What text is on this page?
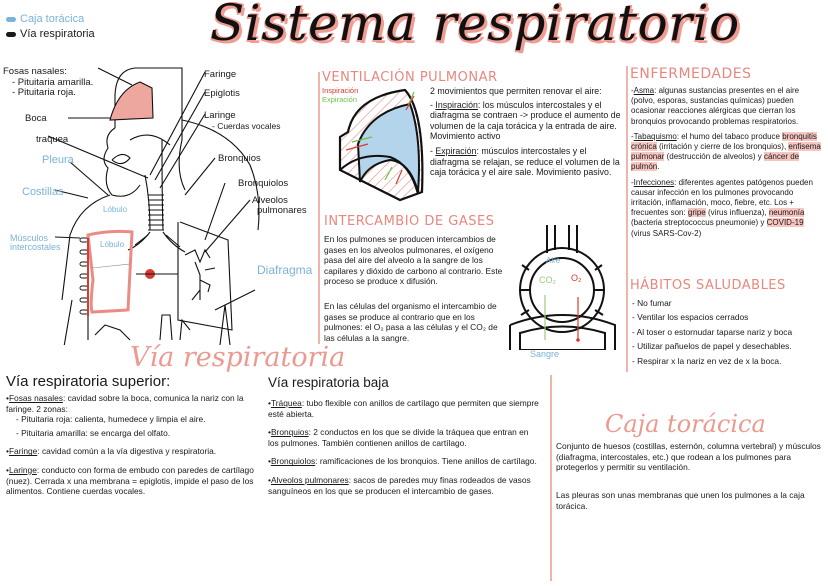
Sistema respiratorio
Caja torácica
Vía respiratoria
Fosas nasales:
- Pituitaria amarilla.
- Pituitaria roja.
Boca
traquea
Pleura
Costillas
Músculos
intercostales
Lóbulo
Lóbulo
Faringe
Epiglotis
Laringe
- Cuerdas vocales
Bronquios
Bronquiolos
Alveolos
pulmonares
Diafragma
VENTILACIÓN PULMONAR
Inspiración
Expiración
2 movimientos que permiten renovar el aire:
- Inspiración: los músculos intercostales y el diafragma se contraen -> produce el aumento de volumen de la caja torácica y la entrada de aire. Movimiento activo
- Expiración: músculos intercostales y el diafragma se relajan, se reduce el volumen de la caja torácica y el aire sale. Movimiento pasivo.
INTERCAMBIO DE GASES
En los pulmones se producen intercambios de gases en los alveolos pulmonares, el oxígeno pasa del aire del alveolo a la sangre de los capilares y dióxido de carbono al contrario. Este proceso se produce x difusión.
En las células del organismo el intercambio de gases se produce al contrario que en los pulmones: el O₂ pasa a las células y el CO₂ de las células a la sangre.
Aire
CO₂ O₂
Sangre
ENFERMEDADES
-Asma: algunas sustancias presentes en el aire (polvo, esporas, sustancias químicas) pueden ocasionar reacciones alérgicas que cierran los bronquios provocando problemas respiratorios.
-Tabaquismo: el humo del tabaco produce bronquitis crónica (irritación y cierre de los bronquios), enfisema pulmonar (destrucción de alveolos) y cáncer de pulmón.
-Infecciones: diferentes agentes patógenos pueden causar infección en los pulmones provocando irritación, inflamación, moco, fiebre, etc. Los + frecuentes son: gripe (virus influenza), neumonía (bacteria streptococcus pneumonie) y COVID-19 (virus SARS-Cov-2)
HÁBITOS SALUDABLES
- No fumar
- Ventilar los espacios cerrados
- Al toser o estornudar taparse nariz y boca
- Utilizar pañuelos de papel y desechables.
- Respirar x la nariz en vez de x la boca.
Vía respiratoria
Vía respiratoria superior:
•Fosas nasales: cavidad sobre la boca, comunica la nariz con la faringe. 2 zonas:
- Pituitaria roja: calienta, humedece y limpia el aire.
- Pituitaria amarilla: se encarga del olfato.
•Faringe: cavidad común a la vía digestiva y respiratoria.
•Laringe: conducto con forma de embudo con paredes de cartílago (nuez). Cerrada x una membrana = epiglotis, impide el paso de los alimentos. Contiene cuerdas vocales.
Vía respiratoria baja
•Tráquea: tubo flexible con anillos de cartílago que permiten que siempre esté abierta.
•Bronquios: 2 conductos en los que se divide la tráquea que entran en los pulmones. También contienen anillos de cartílago.
•Bronquiolos: ramificaciones de los bronquios. Tiene anillos de cartílago.
•Alveolos pulmonares: sacos de paredes muy finas rodeados de vasos sanguíneos en los que se producen el intercambio de gases.
Caja torácica
Conjunto de huesos (costillas, esternón, columna vertebral) y músculos (diafragma, intercostales, etc.) que rodean a los pulmones para protegerlos y permitir su ventilación.
Las pleuras son unas membranas que unen los pulmones a la caja torácica.
